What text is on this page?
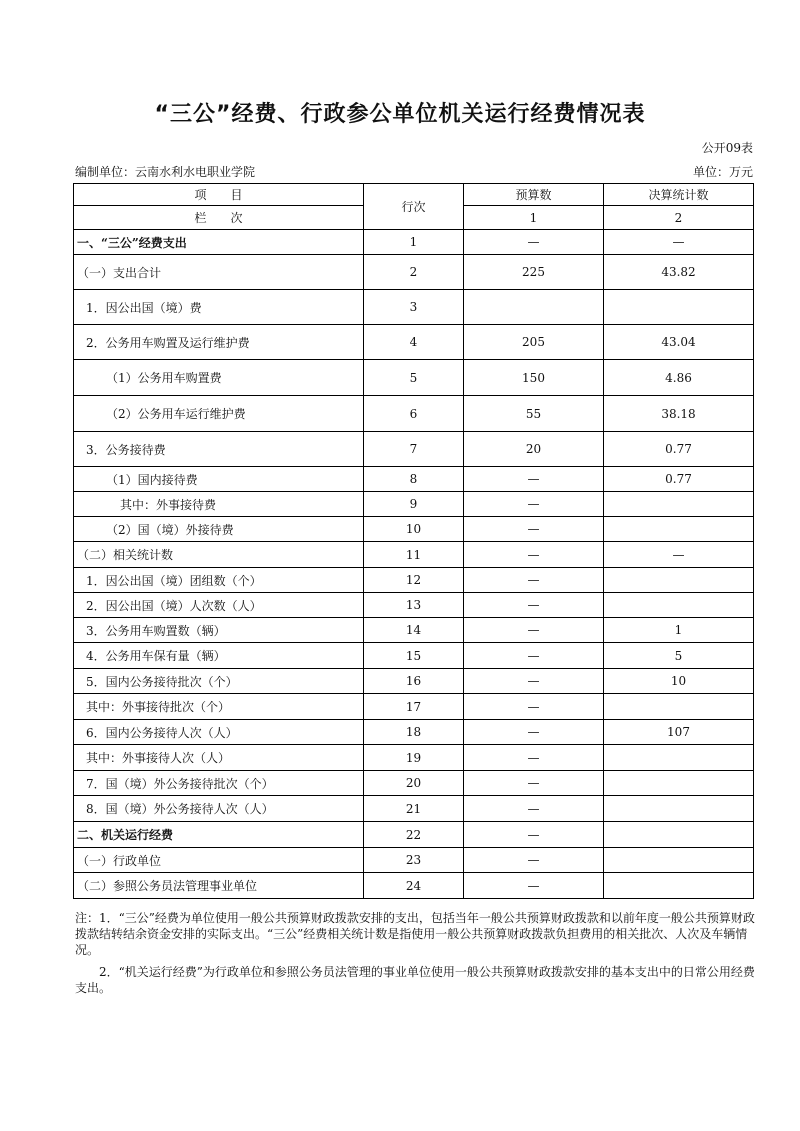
“三公”经费、行政参公单位机关运行经费情况表
公开09表
编制单位：云南水利水电职业学院	单位：万元
项　　目	行次	预算数	决算统计数
栏　　次		1	2
一、“三公”经费支出	1	—	—
（一）支出合计	2	225	43.82
1．因公出国（境）费	3		
2．公务用车购置及运行维护费	4	205	43.04
（1）公务用车购置费	5	150	4.86
（2）公务用车运行维护费	6	55	38.18
3．公务接待费	7	20	0.77
（1）国内接待费	8	—	0.77
其中：外事接待费	9	—	
（2）国（境）外接待费	10	—	
（二）相关统计数	11	—	—
1．因公出国（境）团组数（个）	12	—	
2．因公出国（境）人次数（人）	13	—	
3．公务用车购置数（辆）	14	—	1
4．公务用车保有量（辆）	15	—	5
5．国内公务接待批次（个）	16	—	10
其中：外事接待批次（个）	17	—	
6．国内公务接待人次（人）	18	—	107
其中：外事接待人次（人）	19	—	
7．国（境）外公务接待批次（个）	20	—	
8．国（境）外公务接待人次（人）	21	—	
二、机关运行经费	22	—	
（一）行政单位	23	—	
（二）参照公务员法管理事业单位	24	—	

注：1．“三公”经费为单位使用一般公共预算财政拨款安排的支出，包括当年一般公共预算财政拨款和以前年度一般公共预算财政拨款结转结余资金安排的实际支出。“三公”经费相关统计数是指使用一般公共预算财政拨款负担费用的相关批次、人次及车辆情况。

2．“机关运行经费”为行政单位和参照公务员法管理的事业单位使用一般公共预算财政拨款安排的基本支出中的日常公用经费支出。
